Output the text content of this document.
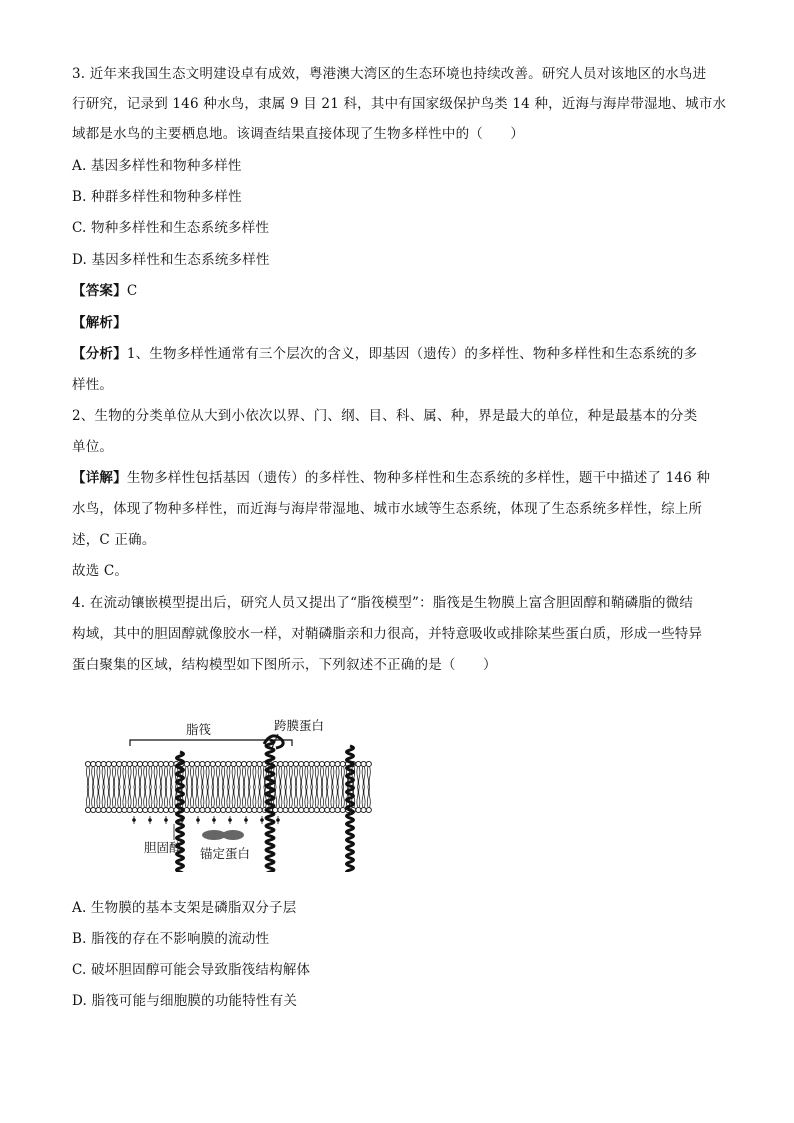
3. 近年来我国生态文明建设卓有成效，粤港澳大湾区的生态环境也持续改善。研究人员对该地区的水鸟进
行研究，记录到 146 种水鸟，隶属 9 目 21 科，其中有国家级保护鸟类 14 种，近海与海岸带湿地、城市水
域都是水鸟的主要栖息地。该调查结果直接体现了生物多样性中的（　　）
A. 基因多样性和物种多样性
B. 种群多样性和物种多样性
C. 物种多样性和生态系统多样性
D. 基因多样性和生态系统多样性
【答案】C
【解析】
【分析】1、生物多样性通常有三个层次的含义，即基因（遗传）的多样性、物种多样性和生态系统的多
样性。
2、生物的分类单位从大到小依次以界、门、纲、目、科、属、种，界是最大的单位，种是最基本的分类
单位。
【详解】生物多样性包括基因（遗传）的多样性、物种多样性和生态系统的多样性，题干中描述了 146 种
水鸟，体现了物种多样性，而近海与海岸带湿地、城市水域等生态系统，体现了生态系统多样性，综上所
述，C 正确。
故选 C。
4. 在流动镶嵌模型提出后，研究人员又提出了“脂筏模型”：脂筏是生物膜上富含胆固醇和鞘磷脂的微结
构域，其中的胆固醇就像胶水一样，对鞘磷脂亲和力很高，并特意吸收或排除某些蛋白质，形成一些特异
蛋白聚集的区域，结构模型如下图所示，下列叙述不正确的是（　　）
脂筏	跨膜蛋白
胆固醇 锚定蛋白
A. 生物膜的基本支架是磷脂双分子层
B. 脂筏的存在不影响膜的流动性
C. 破坏胆固醇可能会导致脂筏结构解体
D. 脂筏可能与细胞膜的功能特性有关
